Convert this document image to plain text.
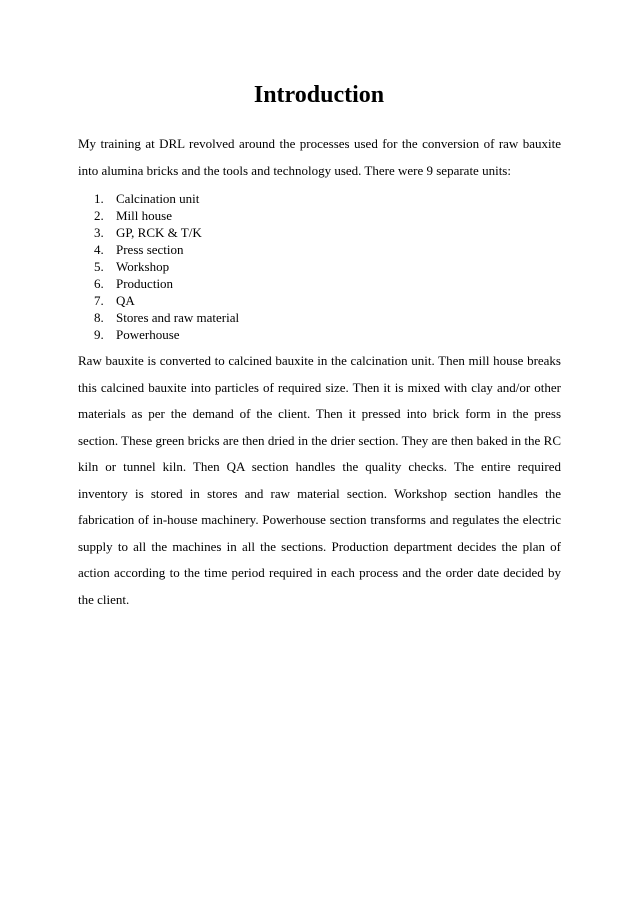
Introduction

My training at DRL revolved around the processes used for the conversion of raw bauxite into alumina bricks and the tools and technology used. There were 9 separate units:

1. Calcination unit
2. Mill house
3. GP, RCK & T/K
4. Press section
5. Workshop
6. Production
7. QA
8. Stores and raw material
9. Powerhouse

Raw bauxite is converted to calcined bauxite in the calcination unit. Then mill house breaks this calcined bauxite into particles of required size. Then it is mixed with clay and/or other materials as per the demand of the client. Then it pressed into brick form in the press section. These green bricks are then dried in the drier section. They are then baked in the RC kiln or tunnel kiln. Then QA section handles the quality checks. The entire required inventory is stored in stores and raw material section. Workshop section handles the fabrication of in-house machinery. Powerhouse section transforms and regulates the electric supply to all the machines in all the sections. Production department decides the plan of action according to the time period required in each process and the order date decided by the client.
